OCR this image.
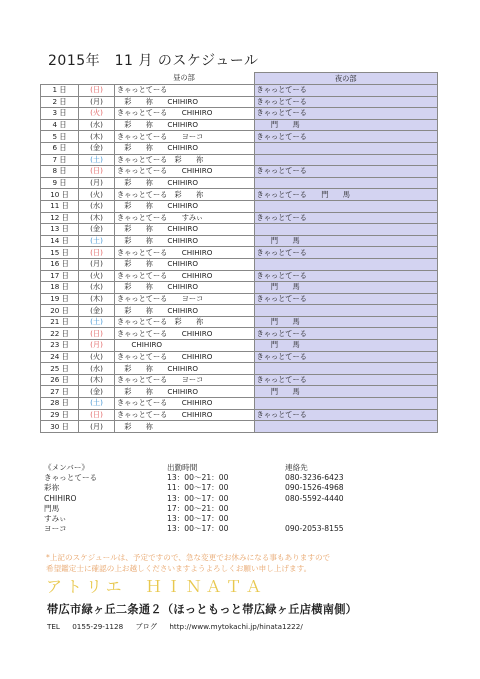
2015年　11 月 のスケジュール
		昼の部	夜の部
1 日	(日)	きゃっとてーる	きゃっとてーる
2 日	(月)	　彩　　祢　　CHIHIRO	きゃっとてーる
3 日	(火)	きゃっとてーる　　CHIHIRO	きゃっとてーる
4 日	(水)	　彩　　祢　　CHIHIRO	　　門　　馬
5 日	(木)	きゃっとてーる　　ヨーコ	きゃっとてーる
6 日	(金)	　彩　　祢　　CHIHIRO	
7 日	(土)	きゃっとてーる　彩　　祢	
8 日	(日)	きゃっとてーる　　CHIHIRO	きゃっとてーる
9 日	(月)	　彩　　祢　　CHIHIRO	
10 日	(火)	きゃっとてーる　彩　　祢	きゃっとてーる　　門　　馬
11 日	(水)	　彩　　祢　　CHIHIRO	
12 日	(木)	きゃっとてーる　　すみぃ	きゃっとてーる
13 日	(金)	　彩　　祢　　CHIHIRO	
14 日	(土)	　彩　　祢　　CHIHIRO	　　門　　馬
15 日	(日)	きゃっとてーる　　CHIHIRO	きゃっとてーる
16 日	(月)	　彩　　祢　　CHIHIRO	
17 日	(火)	きゃっとてーる　　CHIHIRO	きゃっとてーる
18 日	(水)	　彩　　祢　　CHIHIRO	　　門　　馬
19 日	(木)	きゃっとてーる　　ヨーコ	きゃっとてーる
20 日	(金)	　彩　　祢　　CHIHIRO	
21 日	(土)	きゃっとてーる　彩　　祢	　　門　　馬
22 日	(日)	きゃっとてーる　　CHIHIRO	きゃっとてーる
23 日	(月)	　　CHIHIRO	　　門　　馬
24 日	(火)	きゃっとてーる　　CHIHIRO	きゃっとてーる
25 日	(水)	　彩　　祢　　CHIHIRO	
26 日	(木)	きゃっとてーる　　ヨーコ	きゃっとてーる
27 日	(金)	　彩　　祢　　CHIHIRO	　　門　　馬
28 日	(土)	きゃっとてーる　　CHIHIRO	
29 日	(日)	きゃっとてーる　　CHIHIRO	きゃっとてーる
30 日	(月)	　彩　　祢	
《メンバー》	出勤時間	連絡先
きゃっとてーる	13：00〜21：00	080-3236-6423
彩祢	11：00〜17：00	090-1526-4968
CHIHIRO	13：00〜17：00	080-5592-4440
門馬	17：00〜21：00
すみぃ	13：00〜17：00
ヨーコ	13：00〜17：00	090-2053-8155
*上記のスケジュールは、予定ですので、急な変更でお休みになる事もありますので
希望鑑定士に確認の上お越しくださいますようよろしくお願い申し上げます。
アトリエ　ＨＩＮＡＴＡ
帯広市緑ヶ丘二条通２（ほっともっと帯広緑ヶ丘店横南側）
TEL 0155-29-1128 ブログ http://www.mytokachi.jp/hinata1222/
